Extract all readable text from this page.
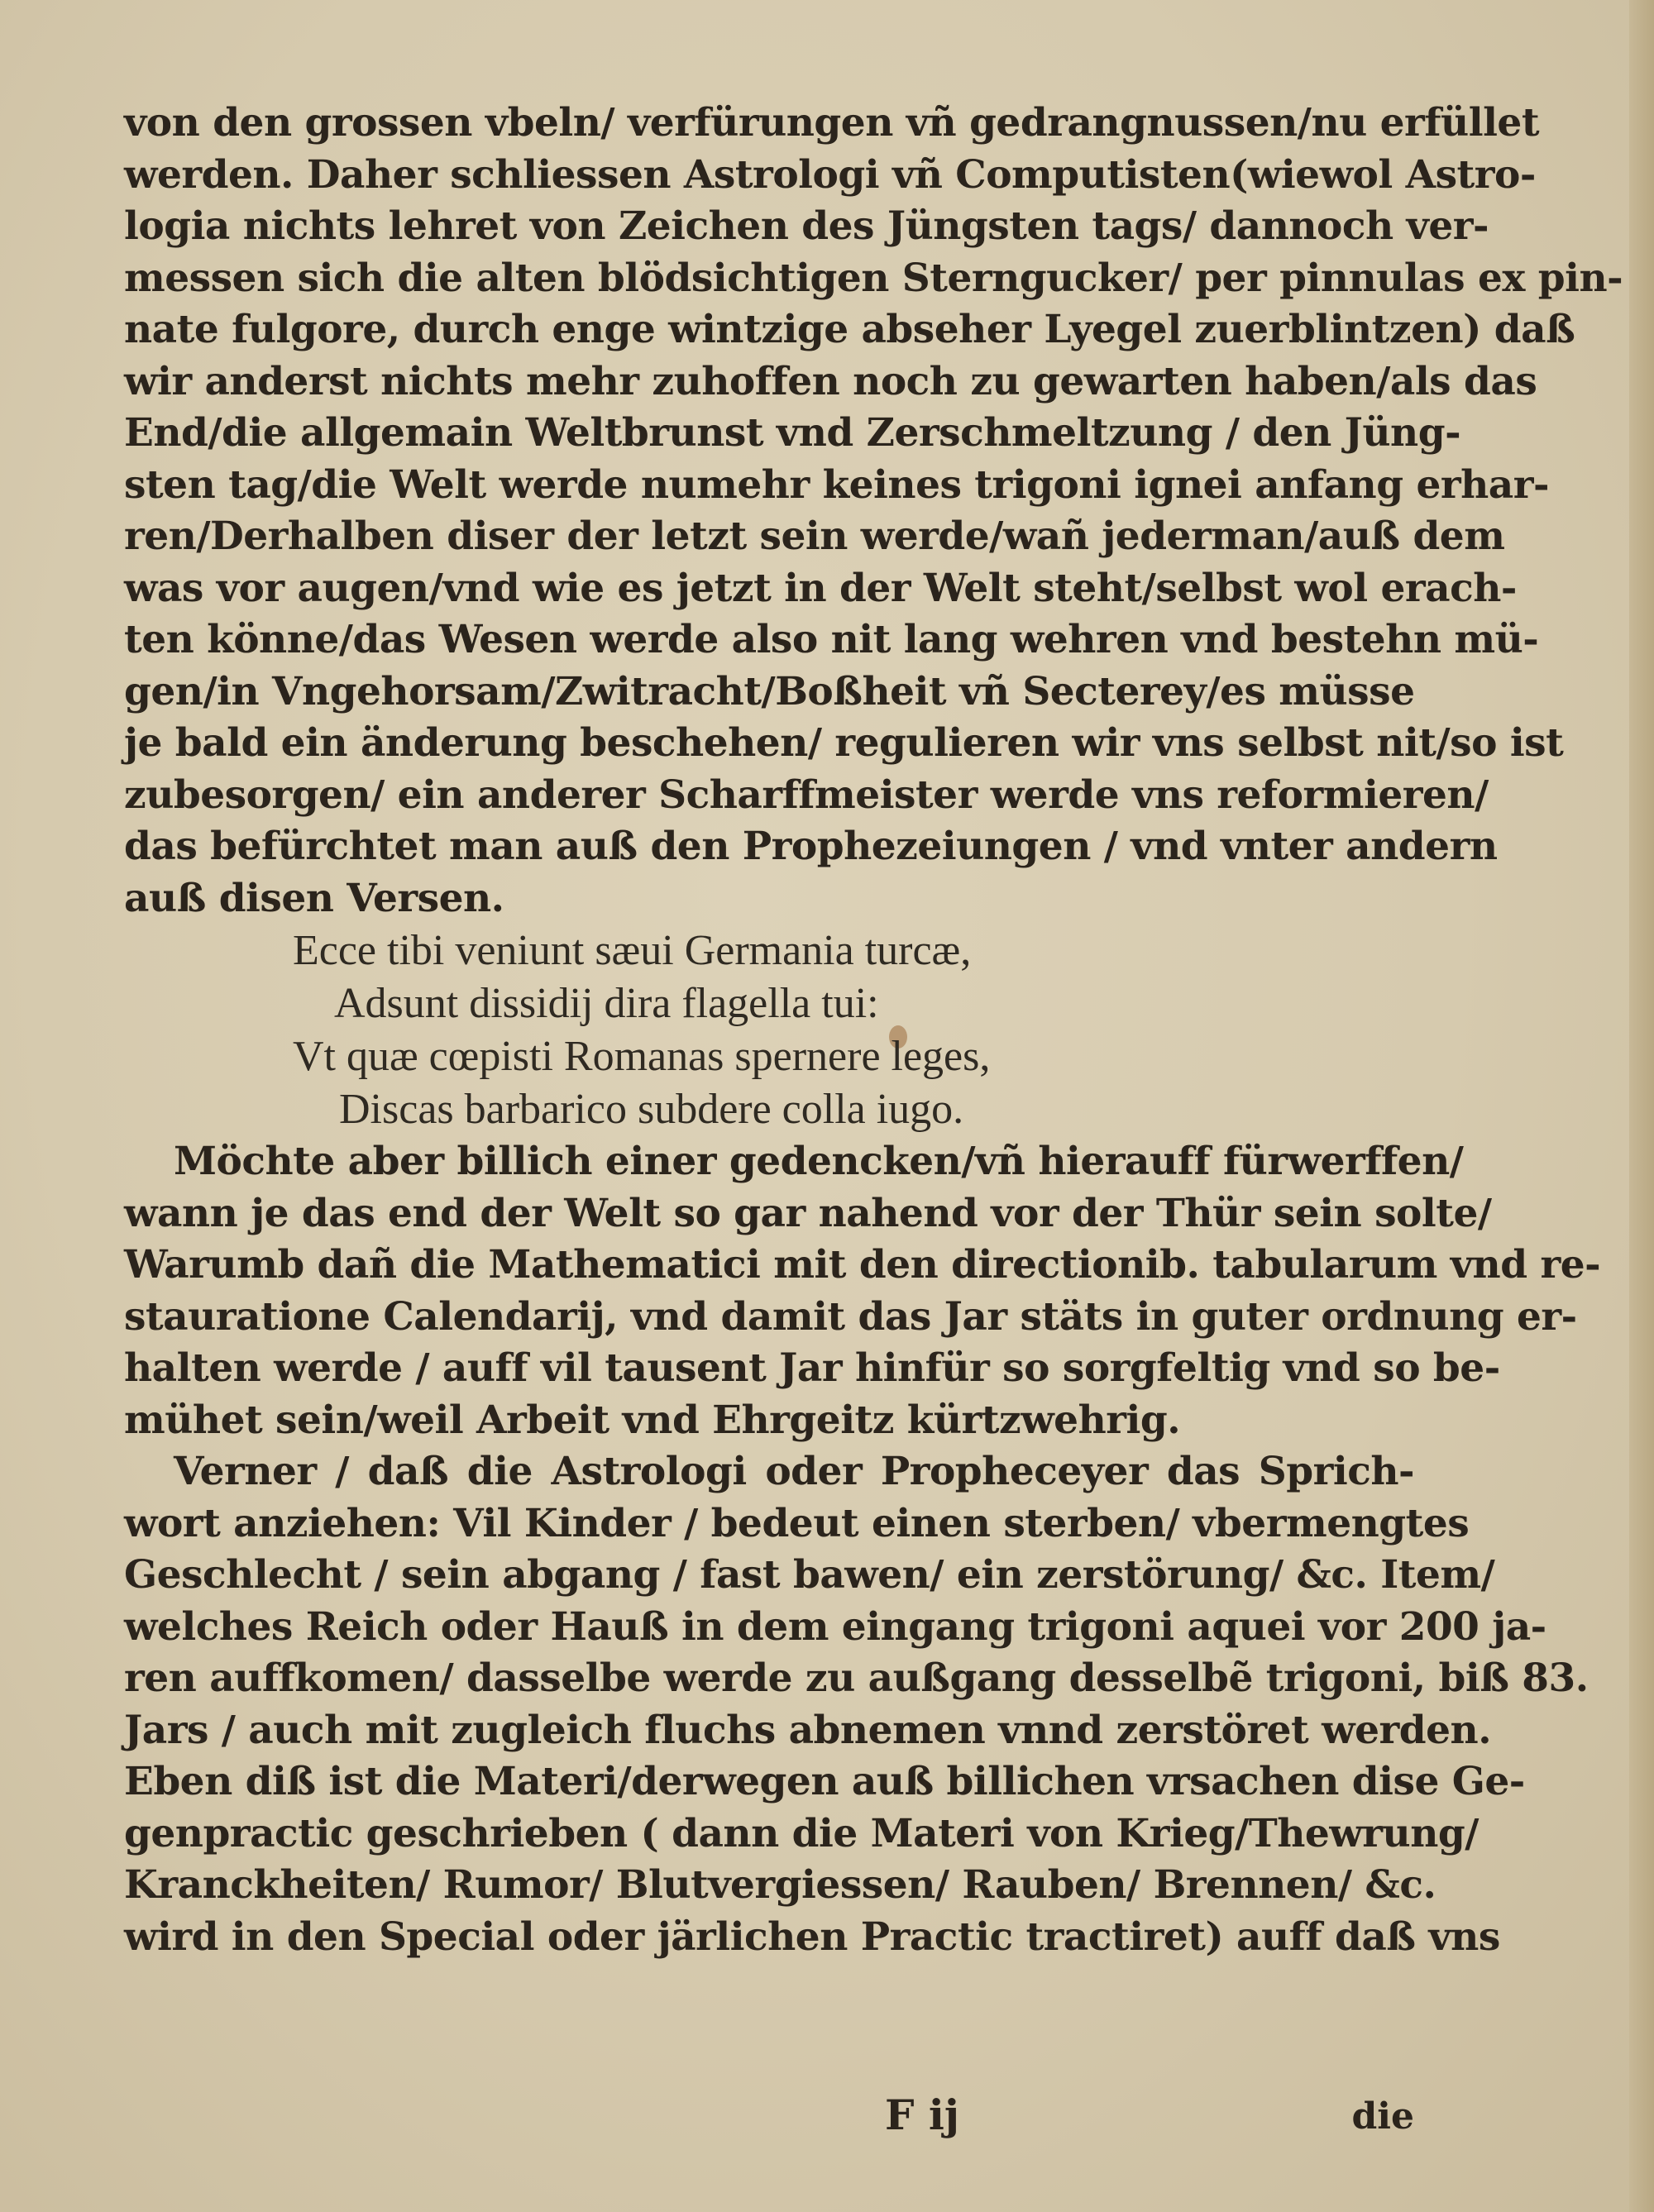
von den grossen vbeln/ verfürungen vñ gedrangnussen/nu erfüllet
werden. Daher schliessen Astrologi vñ Computisten(wiewol Astro-
logia nichts lehret von Zeichen des Jüngsten tags/ dannoch ver-
messen sich die alten blödsichtigen Sterngucker/ per pinnulas ex pin-
nate fulgore, durch enge wintzige abseher Lyegel zuerblintzen) daß
wir anderst nichts mehr zuhoffen noch zu gewarten haben/als das
End/die allgemain Weltbrunst vnd Zerschmeltzung / den Jüng-
sten tag/die Welt werde numehr keines trigoni ignei anfang erhar-
ren/Derhalben diser der letzt sein werde/wañ jederman/auß dem
was vor augen/vnd wie es jetzt in der Welt steht/selbst wol erach-
ten könne/das Wesen werde also nit lang wehren vnd bestehn mü-
gen/in Vngehorsam/Zwitracht/Boßheit vñ Secterey/es müsse
je bald ein änderung beschehen/ regulieren wir vns selbst nit/so ist
zubesorgen/ ein anderer Scharffmeister werde vns reformieren/
das befürchtet man auß den Prophezeiungen / vnd vnter andern
auß disen Versen.
Ecce tibi veniunt sæui Germania turcæ,
Adsunt dissidij dira flagella tui:
Vt quæ cœpisti Romanas spernere leges,
Discas barbarico subdere colla iugo.
Möchte aber billich einer gedencken/vñ hierauff fürwerffen/
wann je das end der Welt so gar nahend vor der Thür sein solte/
Warumb dañ die Mathematici mit den directionib. tabularum vnd re-
stauratione Calendarij, vnd damit das Jar stäts in guter ordnung er-
halten werde / auff vil tausent Jar hinfür so sorgfeltig vnd so be-
mühet sein/weil Arbeit vnd Ehrgeitz kürtzwehrig.
Verner / daß die Astrologi oder Propheceyer das Sprich-
wort anziehen: Vil Kinder / bedeut einen sterben/ vbermengtes
Geschlecht / sein abgang / fast bawen/ ein zerstörung/ &c. Item/
welches Reich oder Hauß in dem eingang trigoni aquei vor 200 ja-
ren auffkomen/ dasselbe werde zu außgang desselbẽ trigoni, biß 83.
Jars / auch mit zugleich fluchs abnemen vnnd zerstöret werden.
Eben diß ist die Materi/derwegen auß billichen vrsachen dise Ge-
genpractic geschrieben ( dann die Materi von Krieg/Thewrung/
Kranckheiten/ Rumor/ Blutvergiessen/ Rauben/ Brennen/ &c.
wird in den Special oder järlichen Practic tractiret) auff daß vns
F ij	die
